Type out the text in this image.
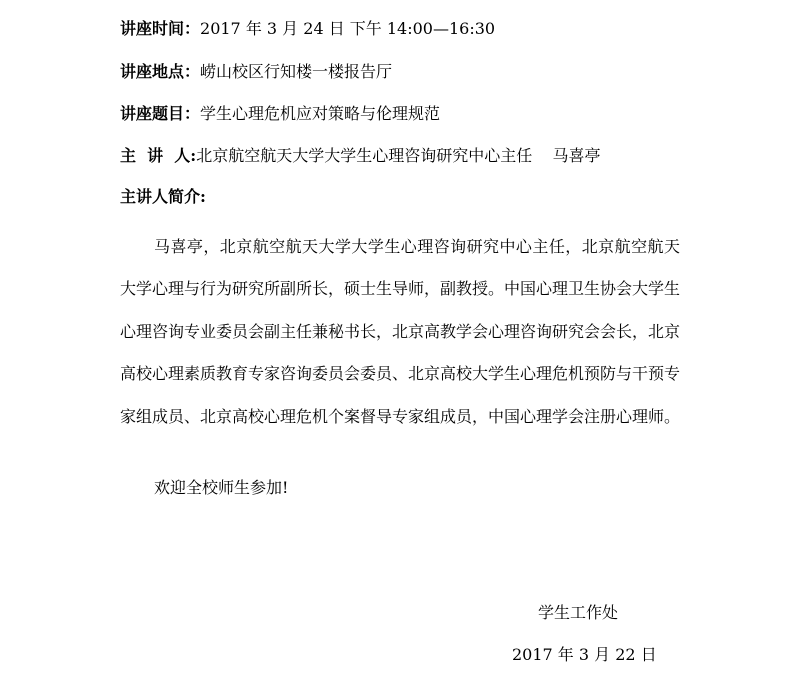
讲座时间：2017 年 3 月 24 日 下午 14:00—16:30
讲座地点：崂山校区行知楼一楼报告厅
讲座题目：学生心理危机应对策略与伦理规范
主  讲  人:北京航空航天大学大学生心理咨询研究中心主任    马喜亭
主讲人简介:
马喜亭，北京航空航天大学大学生心理咨询研究中心主任，北京航空航天大学心理与行为研究所副所长，硕士生导师，副教授。中国心理卫生协会大学生心理咨询专业委员会副主任兼秘书长，北京高教学会心理咨询研究会会长，北京高校心理素质教育专家咨询委员会委员、北京高校大学生心理危机预防与干预专家组成员、北京高校心理危机个案督导专家组成员，中国心理学会注册心理师。
欢迎全校师生参加!
学生工作处
2017 年 3 月 22 日
